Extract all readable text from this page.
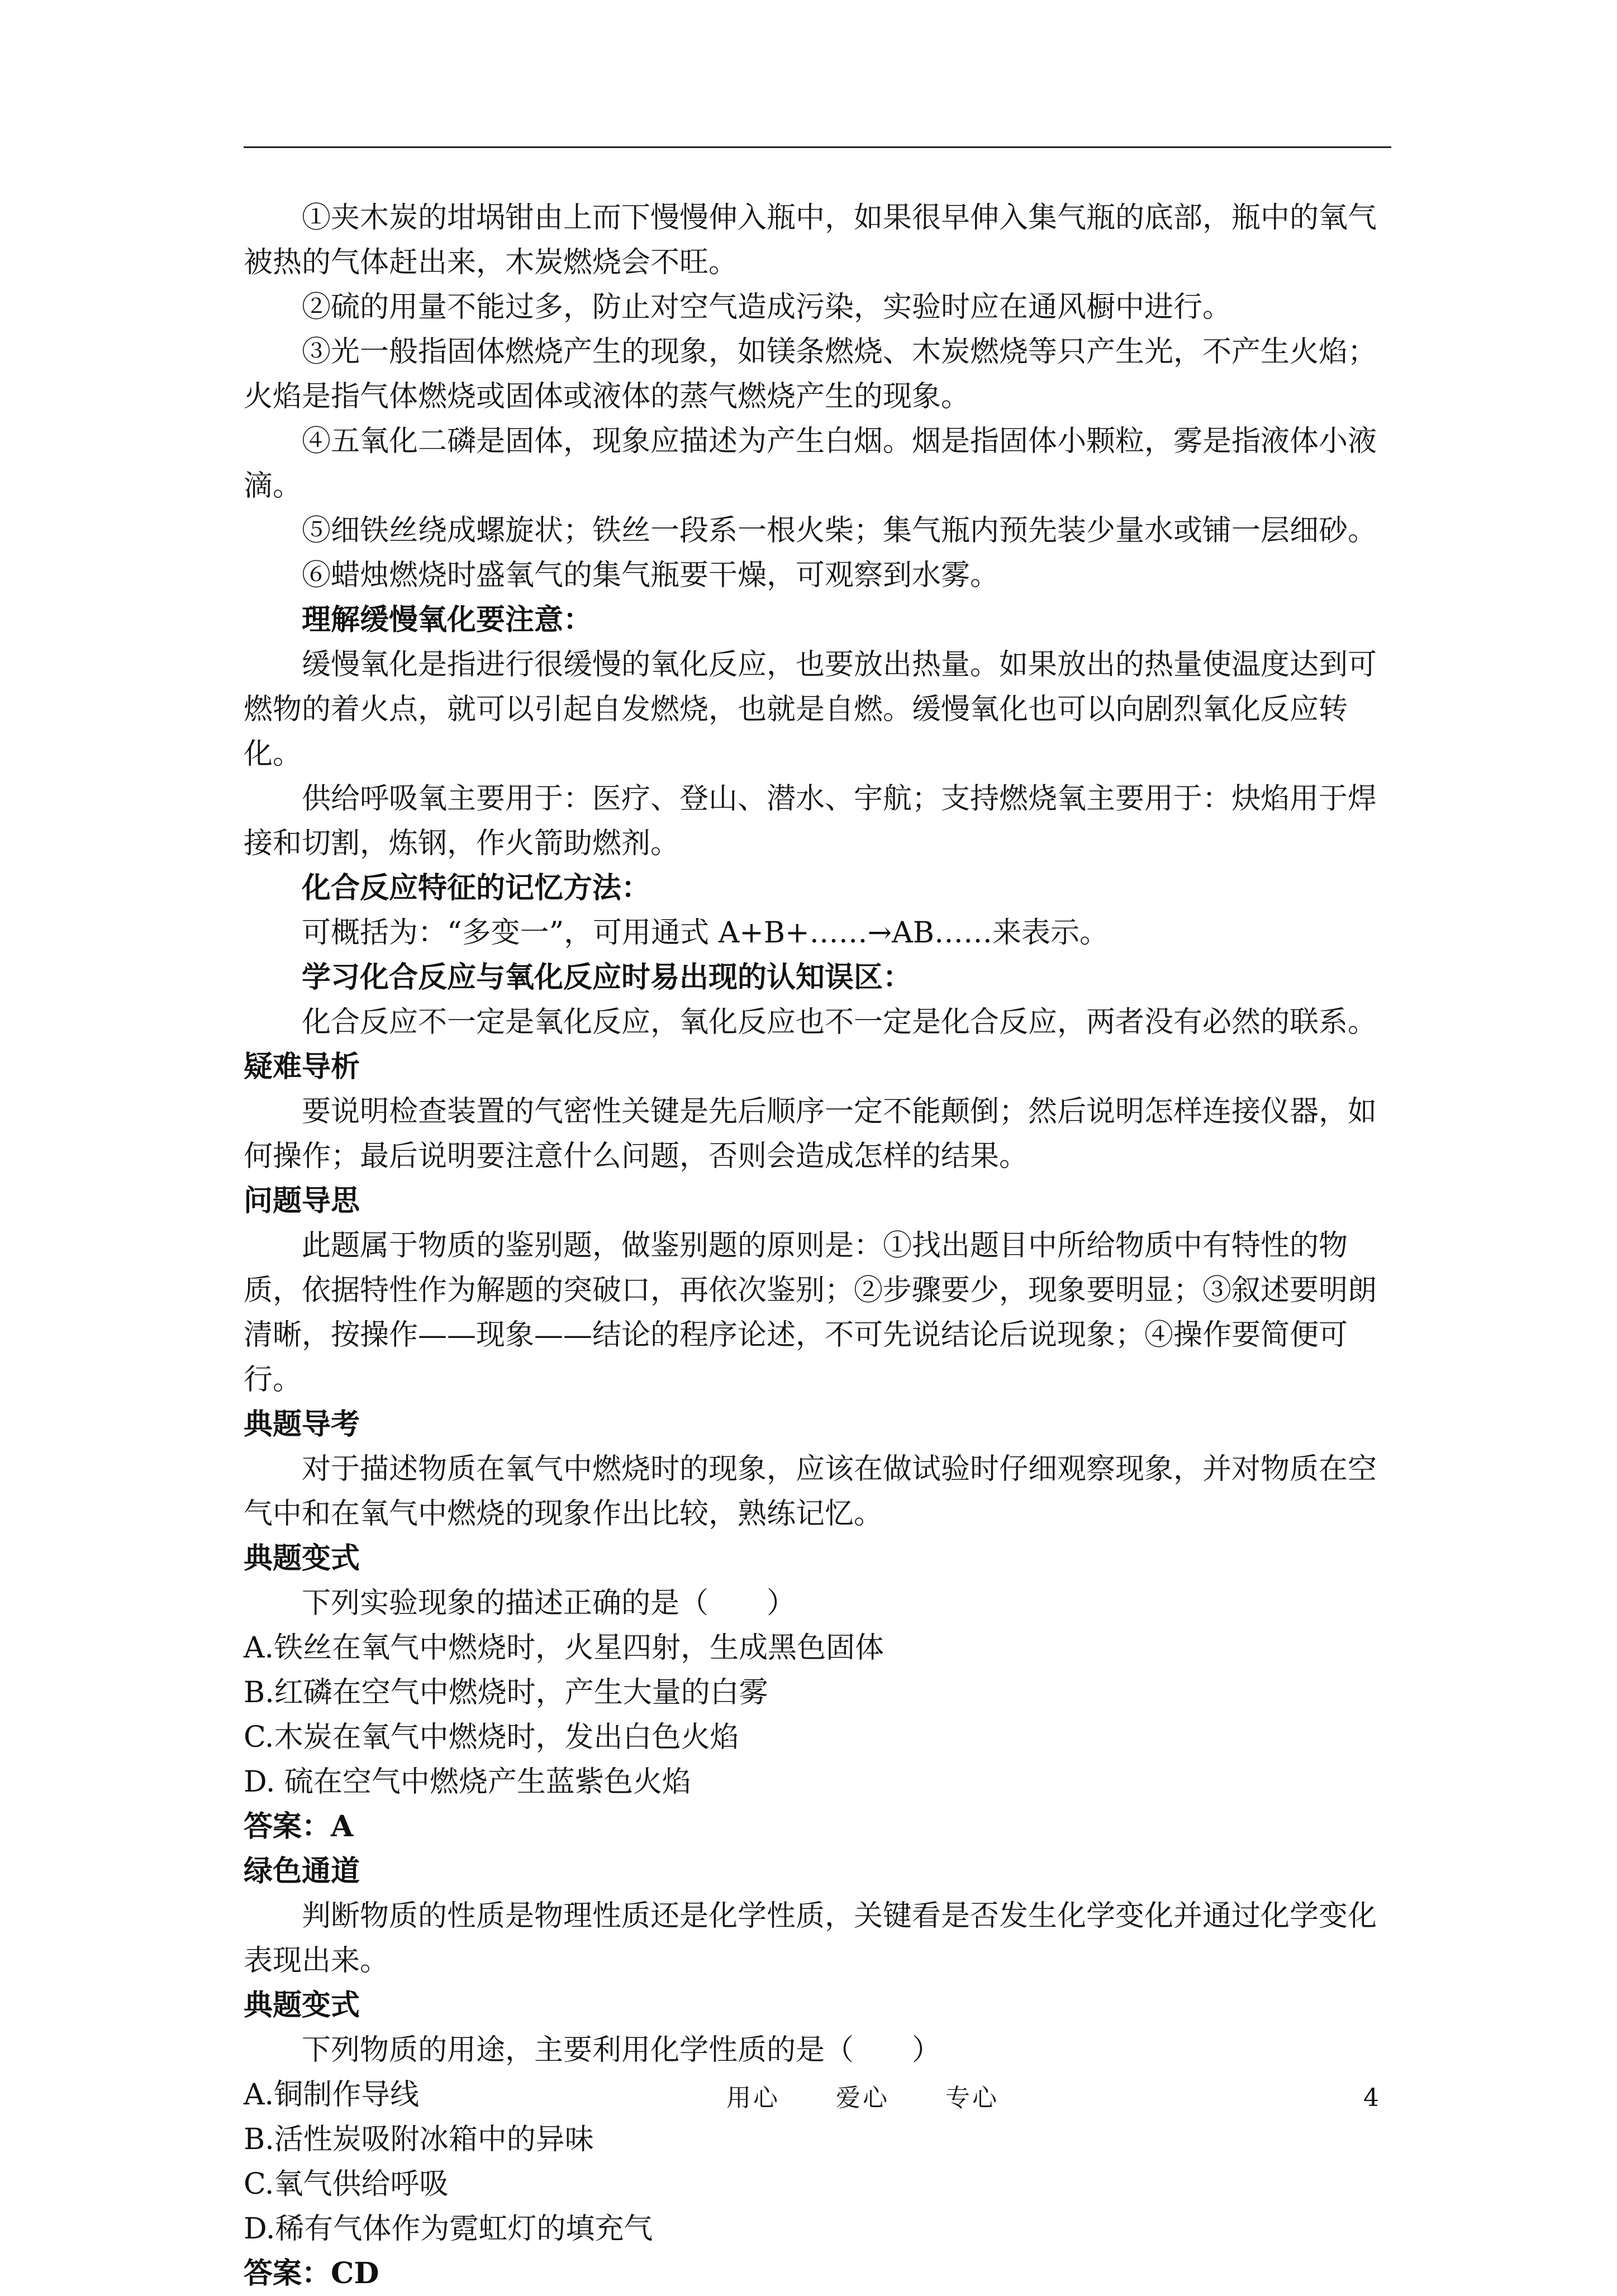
①夹木炭的坩埚钳由上而下慢慢伸入瓶中，如果很早伸入集气瓶的底部，瓶中的氧气被热的气体赶出来，木炭燃烧会不旺。

②硫的用量不能过多，防止对空气造成污染，实验时应在通风橱中进行。

③光一般指固体燃烧产生的现象，如镁条燃烧、木炭燃烧等只产生光，不产生火焰；火焰是指气体燃烧或固体或液体的蒸气燃烧产生的现象。

④五氧化二磷是固体，现象应描述为产生白烟。烟是指固体小颗粒，雾是指液体小液滴。

⑤细铁丝绕成螺旋状；铁丝一段系一根火柴；集气瓶内预先装少量水或铺一层细砂。

⑥蜡烛燃烧时盛氧气的集气瓶要干燥，可观察到水雾。

理解缓慢氧化要注意：

缓慢氧化是指进行很缓慢的氧化反应，也要放出热量。如果放出的热量使温度达到可燃物的着火点，就可以引起自发燃烧，也就是自燃。缓慢氧化也可以向剧烈氧化反应转化。

供给呼吸氧主要用于：医疗、登山、潜水、宇航；支持燃烧氧主要用于：炔焰用于焊接和切割，炼钢，作火箭助燃剂。

化合反应特征的记忆方法：

可概括为：“多变一”，可用通式 A+B+……→AB……来表示。

学习化合反应与氧化反应时易出现的认知误区：

化合反应不一定是氧化反应，氧化反应也不一定是化合反应，两者没有必然的联系。

疑难导析

要说明检查装置的气密性关键是先后顺序一定不能颠倒；然后说明怎样连接仪器，如何操作；最后说明要注意什么问题，否则会造成怎样的结果。

问题导思

此题属于物质的鉴别题，做鉴别题的原则是：①找出题目中所给物质中有特性的物质，依据特性作为解题的突破口，再依次鉴别；②步骤要少，现象要明显；③叙述要明朗清晰，按操作——现象——结论的程序论述，不可先说结论后说现象；④操作要简便可行。

典题导考

对于描述物质在氧气中燃烧时的现象，应该在做试验时仔细观察现象，并对物质在空气中和在氧气中燃烧的现象作出比较，熟练记忆。

典题变式

下列实验现象的描述正确的是（　　）

A.铁丝在氧气中燃烧时，火星四射，生成黑色固体

B.红磷在空气中燃烧时，产生大量的白雾

C.木炭在氧气中燃烧时，发出白色火焰

D. 硫在空气中燃烧产生蓝紫色火焰

答案：A

绿色通道

判断物质的性质是物理性质还是化学性质，关键看是否发生化学变化并通过化学变化表现出来。

典题变式

下列物质的用途，主要利用化学性质的是（　　）

A.铜制作导线

B.活性炭吸附冰箱中的异味

C.氧气供给呼吸

D.稀有气体作为霓虹灯的填充气

答案：CD

用心 爱心 专心	4
